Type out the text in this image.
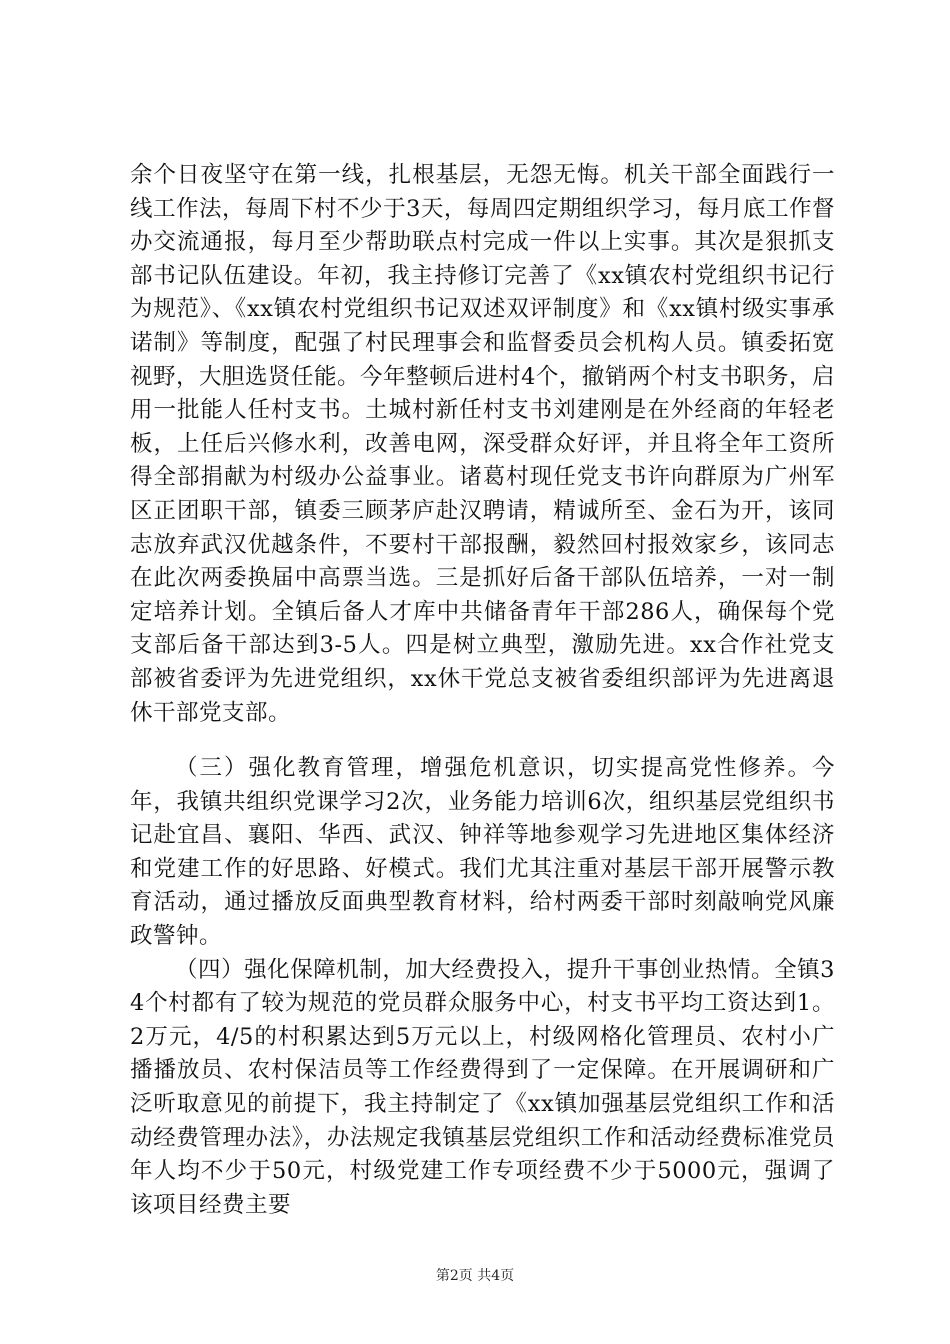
余个日夜坚守在第一线，扎根基层，无怨无悔。机关干部全面践行一线工作法，每周下村不少于3天，每周四定期组织学习，每月底工作督办交流通报，每月至少帮助联点村完成一件以上实事。其次是狠抓支部书记队伍建设。年初，我主持修订完善了《xx镇农村党组织书记行为规范》、《xx镇农村党组织书记双述双评制度》和《xx镇村级实事承诺制》等制度，配强了村民理事会和监督委员会机构人员。镇委拓宽视野，大胆选贤任能。今年整顿后进村4个，撤销两个村支书职务，启用一批能人任村支书。土城村新任村支书刘建刚是在外经商的年轻老板，上任后兴修水利，改善电网，深受群众好评，并且将全年工资所得全部捐献为村级办公益事业。诸葛村现任党支书许向群原为广州军区正团职干部，镇委三顾茅庐赴汉聘请，精诚所至、金石为开，该同志放弃武汉优越条件，不要村干部报酬，毅然回村报效家乡，该同志在此次两委换届中高票当选。三是抓好后备干部队伍培养，一对一制定培养计划。全镇后备人才库中共储备青年干部286人，确保每个党支部后备干部达到3-5人。四是树立典型，激励先进。xx合作社党支部被省委评为先进党组织，xx休干党总支被省委组织部评为先进离退休干部党支部。

（三）强化教育管理，增强危机意识，切实提高党性修养。今年，我镇共组织党课学习2次，业务能力培训6次，组织基层党组织书记赴宜昌、襄阳、华西、武汉、钟祥等地参观学习先进地区集体经济和党建工作的好思路、好模式。我们尤其注重对基层干部开展警示教育活动，通过播放反面典型教育材料，给村两委干部时刻敲响党风廉政警钟。

（四）强化保障机制，加大经费投入，提升干事创业热情。全镇34个村都有了较为规范的党员群众服务中心，村支书平均工资达到1。2万元，4/5的村积累达到5万元以上，村级网格化管理员、农村小广播播放员、农村保洁员等工作经费得到了一定保障。在开展调研和广泛听取意见的前提下，我主持制定了《xx镇加强基层党组织工作和活动经费管理办法》，办法规定我镇基层党组织工作和活动经费标准党员年人均不少于50元，村级党建工作专项经费不少于5000元，强调了该项目经费主要

第2页 共4页
